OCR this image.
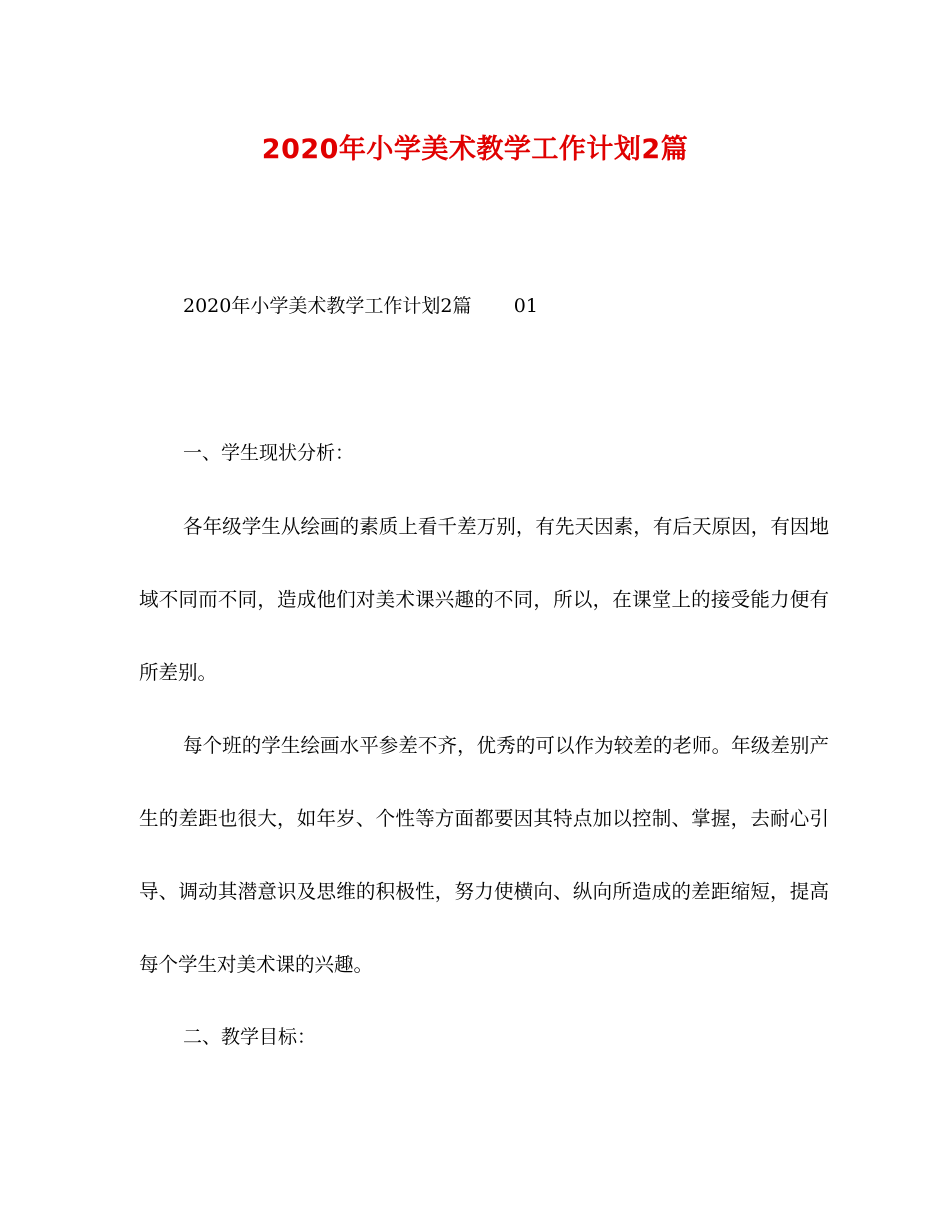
2020年小学美术教学工作计划2篇
2020年小学美术教学工作计划2篇 01
一、学生现状分析：
各年级学生从绘画的素质上看千差万别，有先天因素，有后天原因，有因地域不同而不同，造成他们对美术课兴趣的不同，所以，在课堂上的接受能力便有所差别。
每个班的学生绘画水平参差不齐，优秀的可以作为较差的老师。年级差别产生的差距也很大，如年岁、个性等方面都要因其特点加以控制、掌握，去耐心引导、调动其潜意识及思维的积极性，努力使横向、纵向所造成的差距缩短，提高每个学生对美术课的兴趣。
二、教学目标：
